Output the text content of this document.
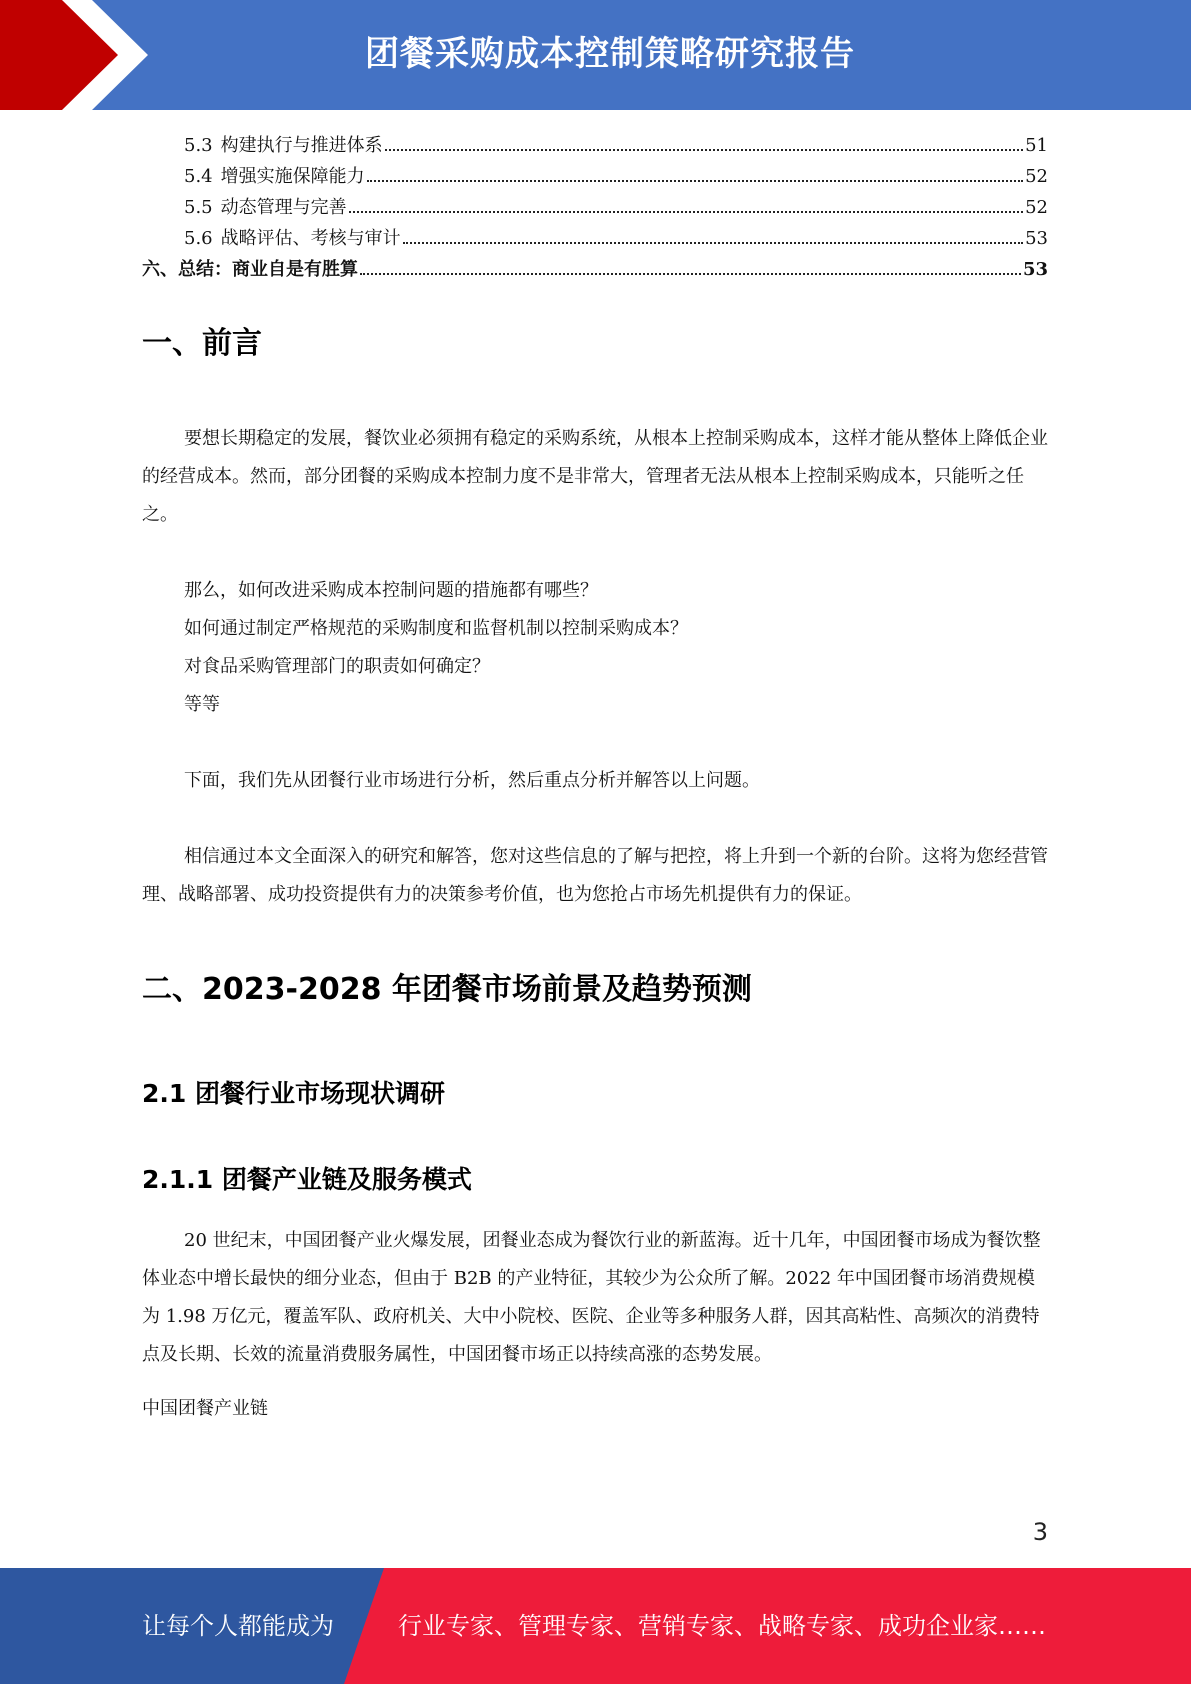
团餐采购成本控制策略研究报告
5.3 构建执行与推进体系	51
5.4 增强实施保障能力	52
5.5 动态管理与完善	52
5.6 战略评估、考核与审计	53
六、总结：商业自是有胜算	53
一、前言

要想长期稳定的发展，餐饮业必须拥有稳定的采购系统，从根本上控制采购成本，这样才能从整体上降低企业的经营成本。然而，部分团餐的采购成本控制力度不是非常大，管理者无法从根本上控制采购成本，只能听之任之。

那么，如何改进采购成本控制问题的措施都有哪些？
如何通过制定严格规范的采购制度和监督机制以控制采购成本？
对食品采购管理部门的职责如何确定？
等等

下面，我们先从团餐行业市场进行分析，然后重点分析并解答以上问题。

相信通过本文全面深入的研究和解答，您对这些信息的了解与把控，将上升到一个新的台阶。这将为您经营管理、战略部署、成功投资提供有力的决策参考价值，也为您抢占市场先机提供有力的保证。

二、2023-2028 年团餐市场前景及趋势预测
2.1 团餐行业市场现状调研
2.1.1 团餐产业链及服务模式

20 世纪末，中国团餐产业火爆发展，团餐业态成为餐饮行业的新蓝海。近十几年，中国团餐市场成为餐饮整体业态中增长最快的细分业态，但由于 B2B 的产业特征，其较少为公众所了解。2022 年中国团餐市场消费规模为 1.98 万亿元，覆盖军队、政府机关、大中小院校、医院、企业等多种服务人群，因其高粘性、高频次的消费特点及长期、长效的流量消费服务属性，中国团餐市场正以持续高涨的态势发展。

中国团餐产业链

3
让每个人都能成为	行业专家、管理专家、营销专家、战略专家、成功企业家……
